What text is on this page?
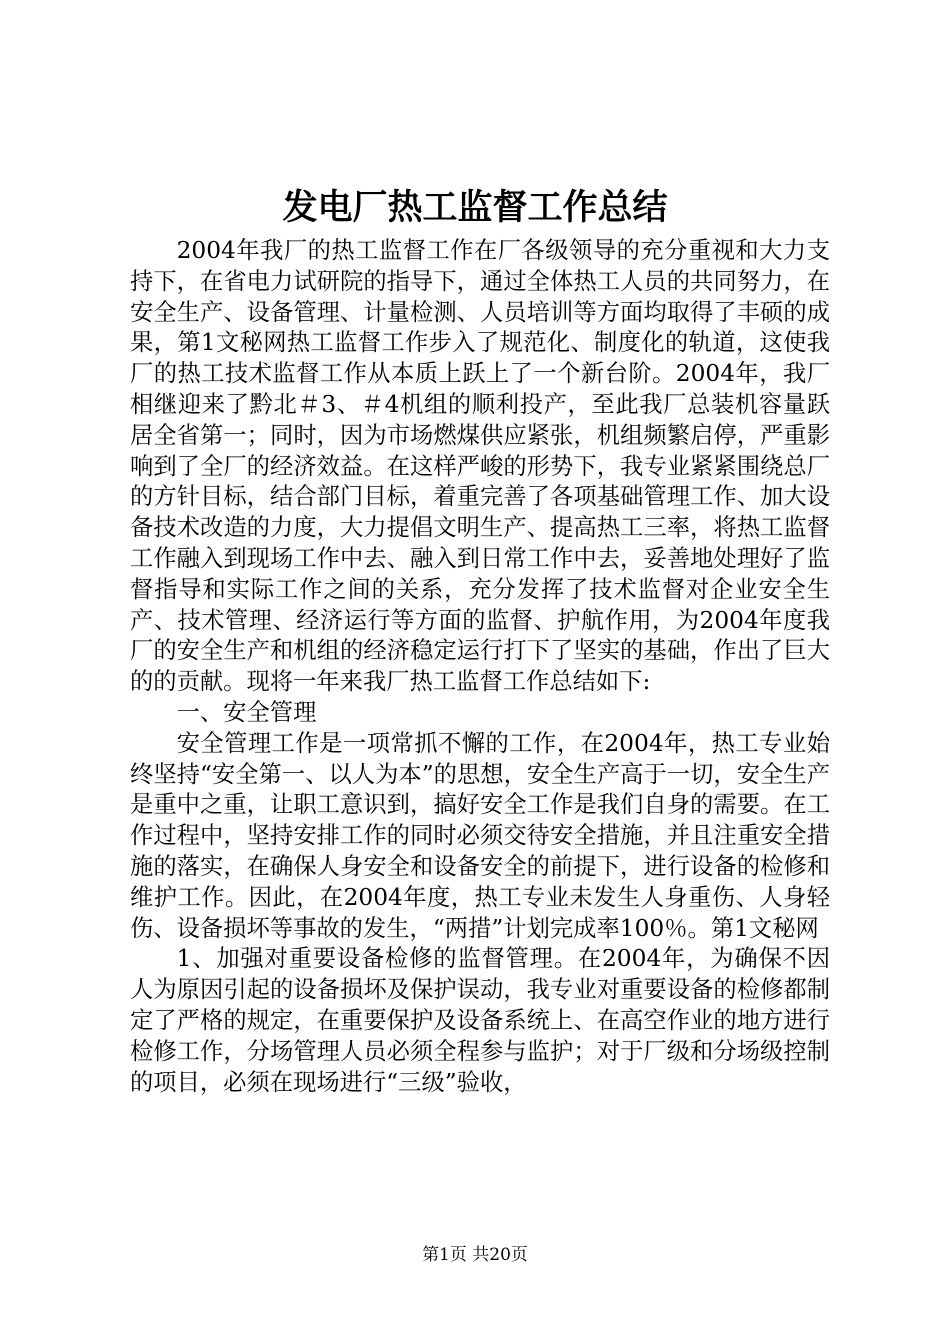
发电厂热工监督工作总结

2004年我厂的热工监督工作在厂各级领导的充分重视和大力支持下，在省电力试研院的指导下，通过全体热工人员的共同努力，在安全生产、设备管理、计量检测、人员培训等方面均取得了丰硕的成果，第1文秘网热工监督工作步入了规范化、制度化的轨道，这使我厂的热工技术监督工作从本质上跃上了一个新台阶。2004年，我厂相继迎来了黔北＃3、＃4机组的顺利投产，至此我厂总装机容量跃居全省第一；同时，因为市场燃煤供应紧张，机组频繁启停，严重影响到了全厂的经济效益。在这样严峻的形势下，我专业紧紧围绕总厂的方针目标，结合部门目标，着重完善了各项基础管理工作、加大设备技术改造的力度，大力提倡文明生产、提高热工三率，将热工监督工作融入到现场工作中去、融入到日常工作中去，妥善地处理好了监督指导和实际工作之间的关系，充分发挥了技术监督对企业安全生产、技术管理、经济运行等方面的监督、护航作用，为2004年度我厂的安全生产和机组的经济稳定运行打下了坚实的基础，作出了巨大的的贡献。现将一年来我厂热工监督工作总结如下:

一、安全管理

安全管理工作是一项常抓不懈的工作，在2004年，热工专业始终坚持“安全第一、以人为本”的思想，安全生产高于一切，安全生产是重中之重，让职工意识到，搞好安全工作是我们自身的需要。在工作过程中，坚持安排工作的同时必须交待安全措施，并且注重安全措施的落实，在确保人身安全和设备安全的前提下，进行设备的检修和维护工作。因此，在2004年度，热工专业未发生人身重伤、人身轻伤、设备损坏等事故的发生，“两措”计划完成率100％。第1文秘网

1、加强对重要设备检修的监督管理。在2004年，为确保不因人为原因引起的设备损坏及保护误动，我专业对重要设备的检修都制定了严格的规定，在重要保护及设备系统上、在高空作业的地方进行检修工作，分场管理人员必须全程参与监护；对于厂级和分场级控制的项目，必须在现场进行“三级”验收，

第1页 共20页
